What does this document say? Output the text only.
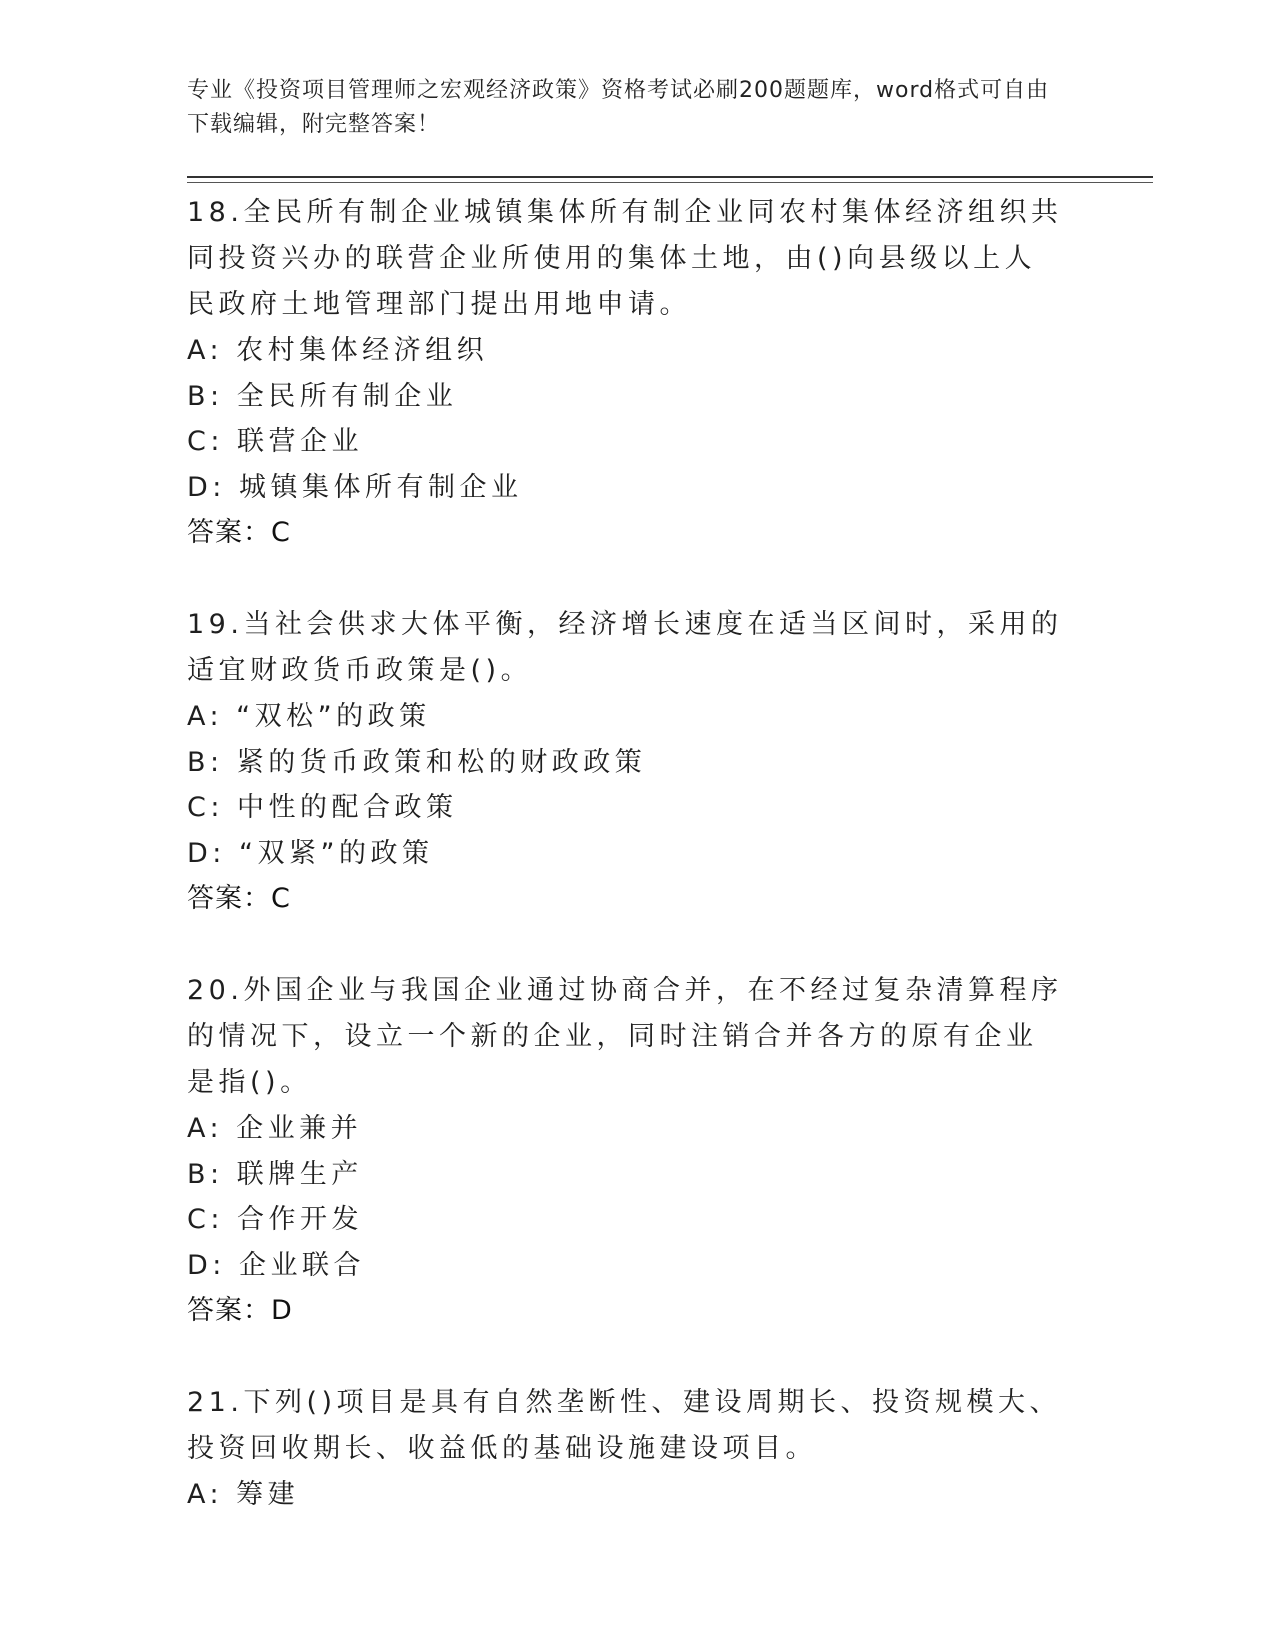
专业《投资项目管理师之宏观经济政策》资格考试必刷200题题库，word格式可自由下载编辑，附完整答案！
18.全民所有制企业城镇集体所有制企业同农村集体经济组织共同投资兴办的联营企业所使用的集体土地，由()向县级以上人民政府土地管理部门提出用地申请。
A: 农村集体经济组织
B: 全民所有制企业
C: 联营企业
D: 城镇集体所有制企业
答案：C
19.当社会供求大体平衡，经济增长速度在适当区间时，采用的适宜财政货币政策是()。
A: “双松”的政策
B: 紧的货币政策和松的财政政策
C: 中性的配合政策
D: “双紧”的政策
答案：C
20.外国企业与我国企业通过协商合并，在不经过复杂清算程序的情况下，设立一个新的企业，同时注销合并各方的原有企业是指()。
A: 企业兼并
B: 联牌生产
C: 合作开发
D: 企业联合
答案：D
21.下列()项目是具有自然垄断性、建设周期长、投资规模大、投资回收期长、收益低的基础设施建设项目。
A: 筹建
